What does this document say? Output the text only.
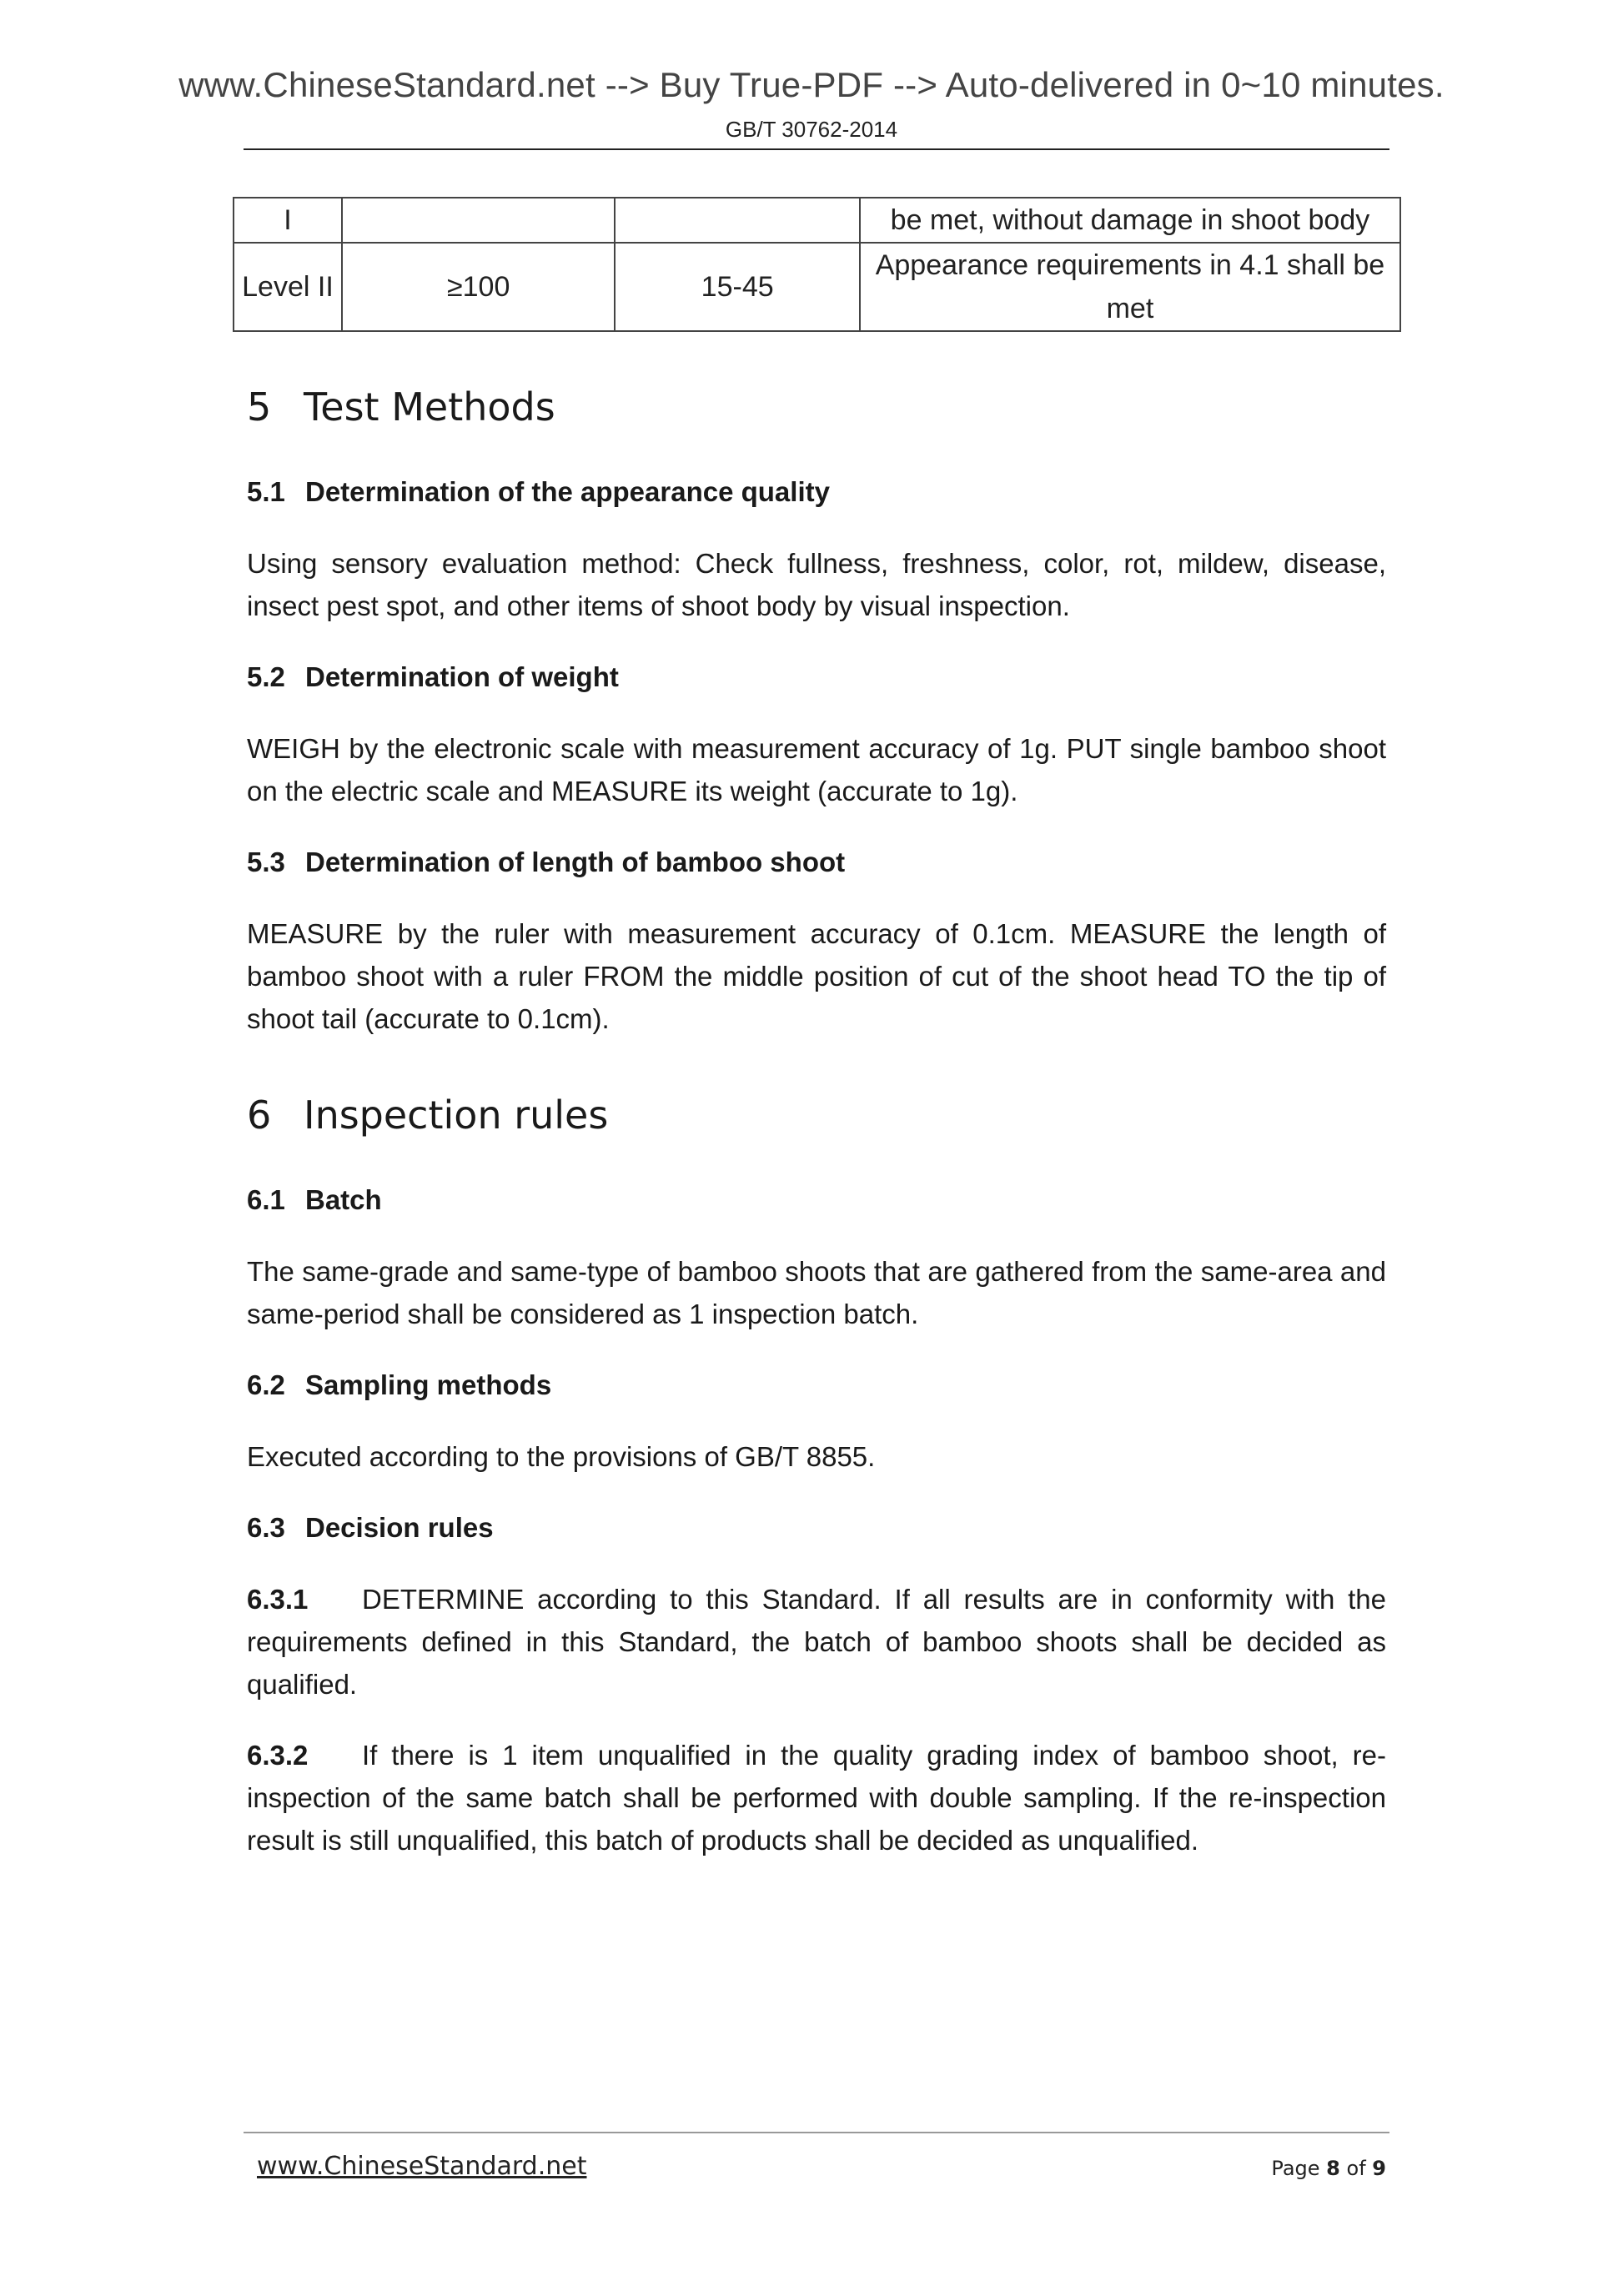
www.ChineseStandard.net --> Buy True-PDF --> Auto-delivered in 0~10 minutes.
GB/T 30762-2014
I			be met, without damage in shoot body
Level II	≥100	15-45	Appearance requirements in 4.1 shall be met
5 Test Methods
5.1 Determination of the appearance quality

Using sensory evaluation method: Check fullness, freshness, color, rot, mildew, disease, insect pest spot, and other items of shoot body by visual inspection.

5.2 Determination of weight

WEIGH by the electronic scale with measurement accuracy of 1g. PUT single bamboo shoot on the electric scale and MEASURE its weight (accurate to 1g).

5.3 Determination of length of bamboo shoot

MEASURE by the ruler with measurement accuracy of 0.1cm. MEASURE the length of bamboo shoot with a ruler FROM the middle position of cut of the shoot head TO the tip of shoot tail (accurate to 0.1cm).

6 Inspection rules
6.1 Batch

The same-grade and same-type of bamboo shoots that are gathered from the same-area and same-period shall be considered as 1 inspection batch.

6.2 Sampling methods

Executed according to the provisions of GB/T 8855.

6.3 Decision rules

6.3.1 DETERMINE according to this Standard. If all results are in conformity with the requirements defined in this Standard, the batch of bamboo shoots shall be decided as qualified.

6.3.2 If there is 1 item unqualified in the quality grading index of bamboo shoot, re-inspection of the same batch shall be performed with double sampling. If the re-inspection result is still unqualified, this batch of products shall be decided as unqualified.

www.ChineseStandard.net	Page 8 of 9
